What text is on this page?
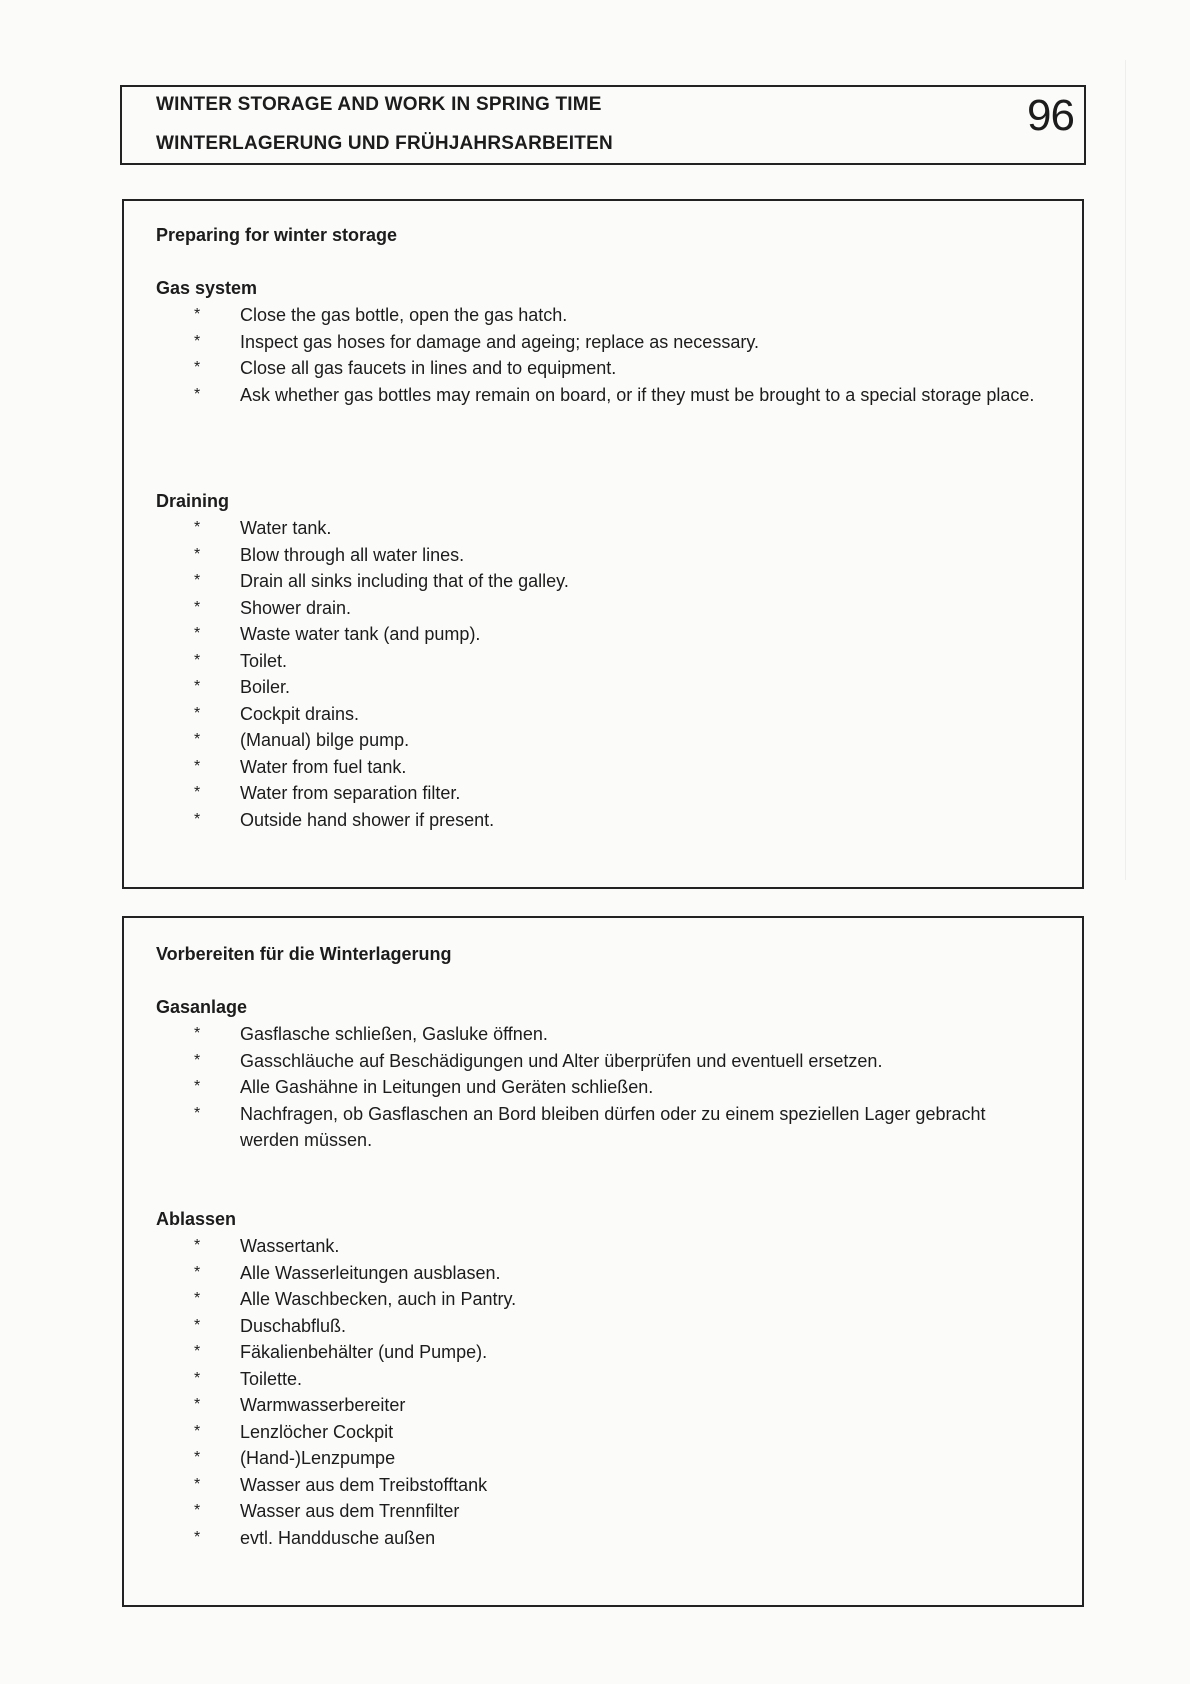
WINTER STORAGE AND WORK IN SPRING TIME
WINTERLAGERUNG UND FRÜHJAHRSARBEITEN
96
Preparing for winter storage
Gas system
* Close the gas bottle, open the gas hatch.
* Inspect gas hoses for damage and ageing; replace as necessary.
* Close all gas faucets in lines and to equipment.
* Ask whether gas bottles may remain on board, or if they must be brought to a special storage place.
Draining
* Water tank.
* Blow through all water lines.
* Drain all sinks including that of the galley.
* Shower drain.
* Waste water tank (and pump).
* Toilet.
* Boiler.
* Cockpit drains.
* (Manual) bilge pump.
* Water from fuel tank.
* Water from separation filter.
* Outside hand shower if present.
Vorbereiten für die Winterlagerung
Gasanlage
* Gasflasche schließen, Gasluke öffnen.
* Gasschläuche auf Beschädigungen und Alter überprüfen und eventuell ersetzen.
* Alle Gashähne in Leitungen und Geräten schließen.
* Nachfragen, ob Gasflaschen an Bord bleiben dürfen oder zu einem speziellen Lager gebracht werden müssen.
Ablassen
* Wassertank.
* Alle Wasserleitungen ausblasen.
* Alle Waschbecken, auch in Pantry.
* Duschabfluß.
* Fäkalienbehälter (und Pumpe).
* Toilette.
* Warmwasserbereiter
* Lenzlöcher Cockpit
* (Hand-)Lenzpumpe
* Wasser aus dem Treibstofftank
* Wasser aus dem Trennfilter
* evtl. Handdusche außen
